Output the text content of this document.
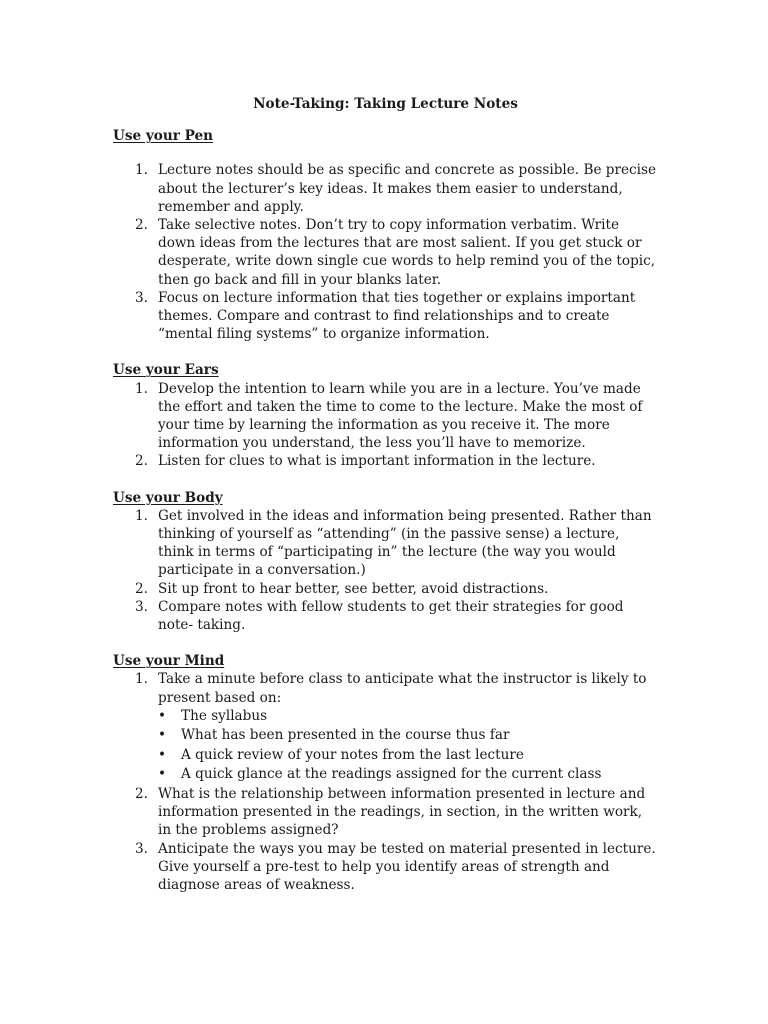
Note-Taking: Taking Lecture Notes
Use your Pen
1. Lecture notes should be as specific and concrete as possible. Be precise about the lecturer’s key ideas. It makes them easier to understand, remember and apply.
2. Take selective notes. Don’t try to copy information verbatim. Write down ideas from the lectures that are most salient. If you get stuck or desperate, write down single cue words to help remind you of the topic, then go back and fill in your blanks later.
3. Focus on lecture information that ties together or explains important themes. Compare and contrast to find relationships and to create “mental filing systems” to organize information.
Use your Ears
1. Develop the intention to learn while you are in a lecture. You’ve made the effort and taken the time to come to the lecture. Make the most of your time by learning the information as you receive it. The more information you understand, the less you’ll have to memorize.
2. Listen for clues to what is important information in the lecture.
Use your Body
1. Get involved in the ideas and information being presented. Rather than thinking of yourself as “attending” (in the passive sense) a lecture, think in terms of “participating in” the lecture (the way you would participate in a conversation.)
2. Sit up front to hear better, see better, avoid distractions.
3. Compare notes with fellow students to get their strategies for good note- taking.
Use your Mind
1. Take a minute before class to anticipate what the instructor is likely to present based on:
• The syllabus
• What has been presented in the course thus far
• A quick review of your notes from the last lecture
• A quick glance at the readings assigned for the current class
2. What is the relationship between information presented in lecture and information presented in the readings, in section, in the written work, in the problems assigned?
3. Anticipate the ways you may be tested on material presented in lecture. Give yourself a pre-test to help you identify areas of strength and diagnose areas of weakness.
